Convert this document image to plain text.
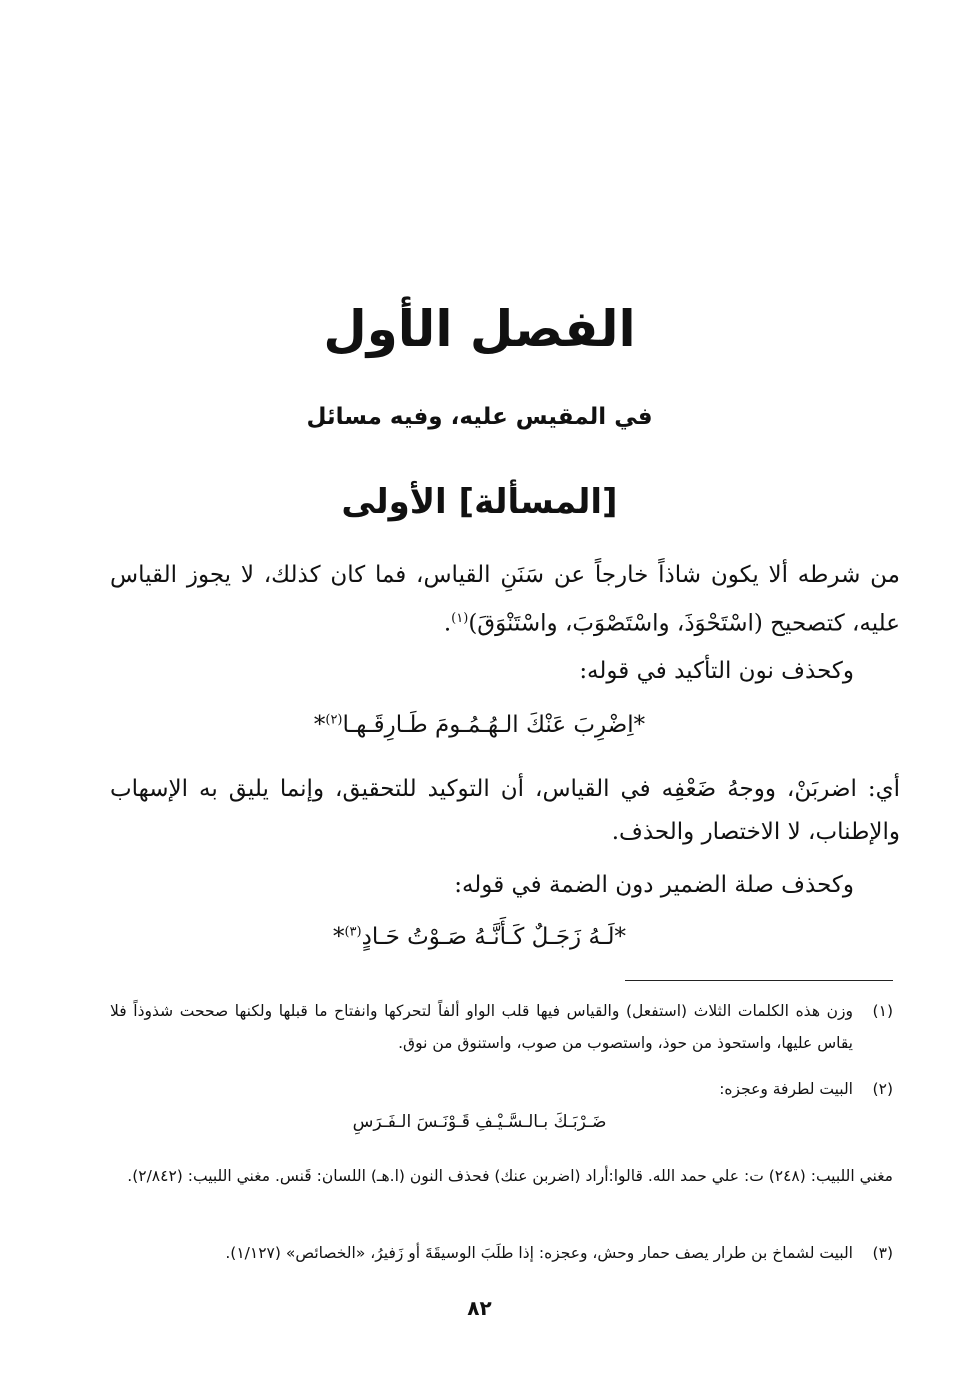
الفصل الأول
في المقيس عليه، وفيه مسائل
[المسألة] الأولى
من شرطه ألا يكون شاذاً خارجاً عن سَنَنِ القياس، فما كان كذلك، لا يجوز القياس عليه، كتصحيح (اسْتَحْوَذَ، واسْتَصْوَبَ، واسْتَنْوَقَ)$^{(١)}$.
وكحذف نون التأكيد في قوله:
*اِضْرِبَ عَنْكَ الـهُـمُـومَ طَـارِقَـهـا$^{(٢)}$*
أي: اضربَنْ، ووجهُ ضَعْفِه في القياس، أن التوكيد للتحقيق، وإنما يليق به الإسهاب والإطناب، لا الاختصار والحذف.
وكحذف صلة الضمير دون الضمة في قوله:
*لَـهُ زَجَـلٌ كَـأَنَّـهُ صَـوْتُ حَـادٍ$^{(٣)}$*
(١)
وزن هذه الكلمات الثلاث (استفعل) والقياس فيها قلب الواو ألفاً لتحركها وانفتاح ما قبلها ولكنها صححت شذوذاً فلا يقاس عليها، واستحوذ من حوذ، واستصوب من صوب، واستنوق من نوق.
(٢)
البيت لطرفة وعجزه:
ضَـرْبَـكَ بـالـسَّـيْـفِ قَـوْنَـسَ الـفَـرَسِ
مغني اللبيب: (٢٤٨) ت: علي حمد الله. قالوا:أراد (اضربن عنك) فحذف النون (ا.هـ) اللسان: قَنس. مغني اللبيب: (٢/٨٤٢).
(٣)
البيت لشماخ بن طرار يصف حمار وحش، وعجزه: إذا طلَبَ الوسيقَةَ أو زَفيرُ، «الخصائص» (١/١٢٧).
٨٢
